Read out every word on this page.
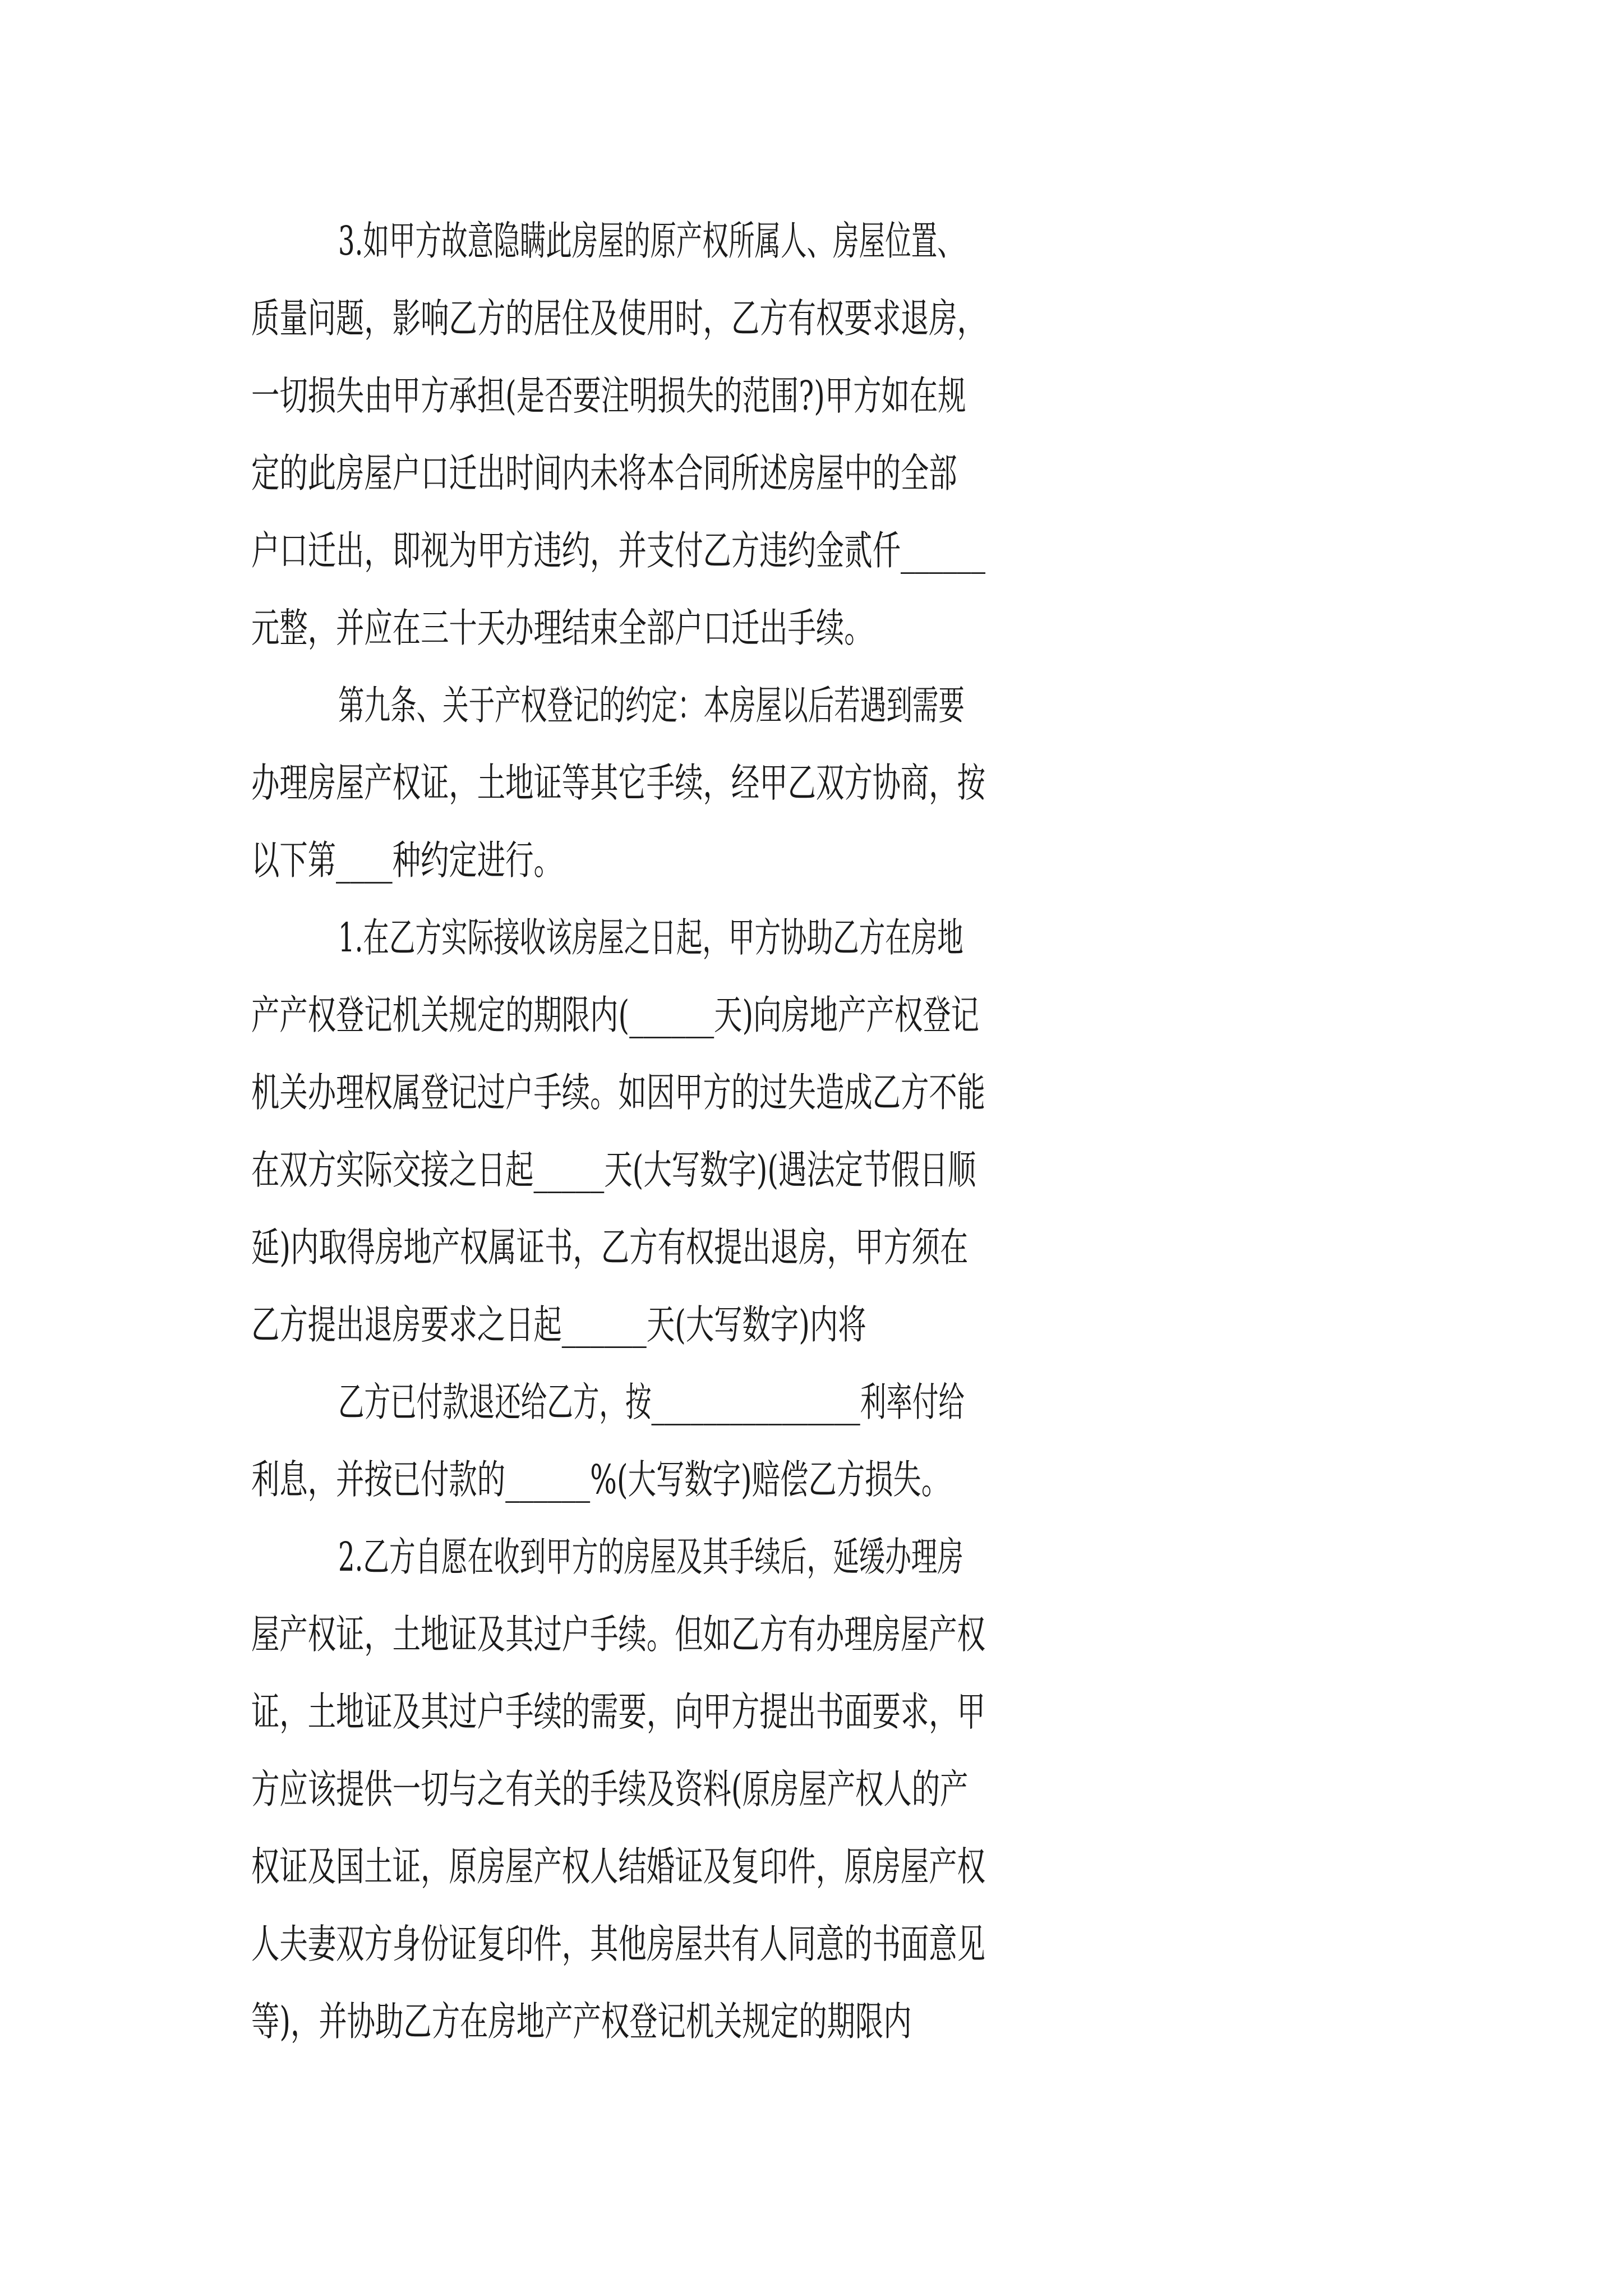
3.如甲方故意隐瞒此房屋的原产权所属人、房屋位置、

质量问题，影响乙方的居住及使用时，乙方有权要求退房，

一切损失由甲方承担(是否要注明损失的范围?)甲方如在规

定的此房屋户口迁出时间内未将本合同所述房屋中的全部

户口迁出，即视为甲方违约，并支付乙方违约金贰仟______

元整，并应在三十天办理结束全部户口迁出手续。

第九条、关于产权登记的约定：本房屋以后若遇到需要

办理房屋产权证，土地证等其它手续，经甲乙双方协商，按

以下第____种约定进行。

1.在乙方实际接收该房屋之日起，甲方协助乙方在房地

产产权登记机关规定的期限内(______天)向房地产产权登记

机关办理权属登记过户手续。如因甲方的过失造成乙方不能

在双方实际交接之日起_____天(大写数字)(遇法定节假日顺

延)内取得房地产权属证书，乙方有权提出退房，甲方须在

乙方提出退房要求之日起______天(大写数字)内将

乙方已付款退还给乙方，按________________利率付给

利息，并按已付款的______%(大写数字)赔偿乙方损失。

2.乙方自愿在收到甲方的房屋及其手续后，延缓办理房

屋产权证，土地证及其过户手续。但如乙方有办理房屋产权

证，土地证及其过户手续的需要，向甲方提出书面要求，甲

方应该提供一切与之有关的手续及资料(原房屋产权人的产

权证及国土证，原房屋产权人结婚证及复印件，原房屋产权

人夫妻双方身份证复印件，其他房屋共有人同意的书面意见

等)，并协助乙方在房地产产权登记机关规定的期限内
